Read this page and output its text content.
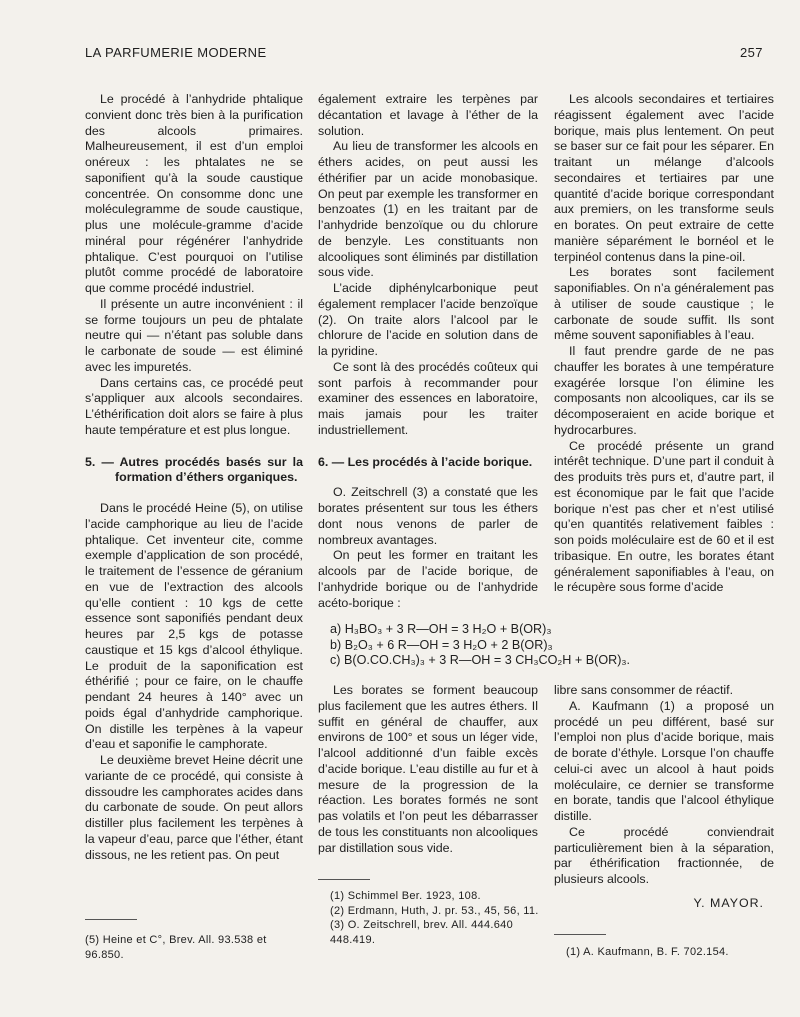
LA PARFUMERIE MODERNE	257

Le procédé à l’anhydride phtalique convient donc très bien à la purification des alcools primaires. Malheureusement, il est d’un emploi onéreux : les phtalates ne se saponifient qu’à la soude caustique concentrée. On consomme donc une moléculegramme de soude caustique, plus une molécule-gramme d’acide minéral pour régénérer l’anhydride phtalique. C’est pourquoi on l’utilise plutôt comme procédé de laboratoire que comme procédé industriel.

Il présente un autre inconvénient : il se forme toujours un peu de phtalate neutre qui — n’étant pas soluble dans le carbonate de soude — est éliminé avec les impuretés.

Dans certains cas, ce procédé peut s’appliquer aux alcools secondaires. L’éthérification doit alors se faire à plus haute température et est plus longue.

5. — Autres procédés basés sur la formation d’éthers organiques.

Dans le procédé Heine (5), on utilise l’acide camphorique au lieu de l’acide phtalique. Cet inventeur cite, comme exemple d’application de son procédé, le traitement de l’essence de géranium en vue de l’extraction des alcools qu’elle contient : 10 kgs de cette essence sont saponifiés pendant deux heures par 2,5 kgs de potasse caustique et 15 kgs d’alcool éthylique. Le produit de la saponification est éthérifié ; pour ce faire, on le chauffe pendant 24 heures à 140° avec un poids égal d’anhydride camphorique. On distille les terpènes à la vapeur d’eau et saponifie le camphorate.

Le deuxième brevet Heine décrit une variante de ce procédé, qui consiste à dissoudre les camphorates acides dans du carbonate de soude. On peut allors distiller plus facilement les terpènes à la vapeur d’eau, parce que l’éther, étant dissous, ne les retient pas. On peut

(5) Heine et C°, Brev. All. 93.538 et 96.850.

également extraire les terpènes par décantation et lavage à l’éther de la solution.

Au lieu de transformer les alcools en éthers acides, on peut aussi les éthérifier par un acide monobasique. On peut par exemple les transformer en benzoates (1) en les traitant par de l’anhydride benzoïque ou du chlorure de benzyle. Les constituants non alcooliques sont éliminés par distillation sous vide.

L’acide diphénylcarbonique peut également remplacer l’acide benzoïque (2). On traite alors l’alcool par le chlorure de l’acide en solution dans de la pyridine.

Ce sont là des procédés coûteux qui sont parfois à recommander pour examiner des essences en laboratoire, mais jamais pour les traiter industriellement.

6. — Les procédés à l’acide borique.

O. Zeitschrell (3) a constaté que les borates présentent sur tous les éthers dont nous venons de parler de nombreux avantages.

On peut les former en traitant les alcools par de l’acide borique, de l’anhydride borique ou de l’anhydride acéto-borique :

Les alcools secondaires et tertiaires réagissent également avec l’acide borique, mais plus lentement. On peut se baser sur ce fait pour les séparer. En traitant un mélange d’alcools secondaires et tertiaires par une quantité d’acide borique correspondant aux premiers, on les transforme seuls en borates. On peut extraire de cette manière séparément le bornéol et le terpinéol contenus dans la pine-oil.

Les borates sont facilement saponifiables. On n’a généralement pas à utiliser de soude caustique ; le carbonate de soude suffit. Ils sont même souvent saponifiables à l’eau.

Il faut prendre garde de ne pas chauffer les borates à une température exagérée lorsque l’on élimine les composants non alcooliques, car ils se décomposeraient en acide borique et hydrocarbures.

Ce procédé présente un grand intérêt technique. D’une part il conduit à des produits très purs et, d’autre part, il est économique par le fait que l’acide borique n’est pas cher et n’est utilisé qu’en quantités relativement faibles : son poids moléculaire est de 60 et il est tribasique. En outre, les borates étant généralement saponifiables à l’eau, on le récupère sous forme d’acide

a) H₃BO₃ + 3 R—OH = 3 H₂O + B(OR)₃
b) B₂O₃ + 6 R—OH = 3 H₂O + 2 B(OR)₃
c) B(O.CO.CH₃)₃ + 3 R—OH = 3 CH₃CO₂H + B(OR)₃.

Les borates se forment beaucoup plus facilement que les autres éthers. Il suffit en général de chauffer, aux environs de 100° et sous un léger vide, l’alcool additionné d’un faible excès d’acide borique. L’eau distille au fur et à mesure de la progression de la réaction. Les borates formés ne sont pas volatils et l’on peut les débarrasser de tous les constituants non alcooliques par distillation sous vide.

(1) Schimmel Ber. 1923, 108.
(2) Erdmann, Huth, J. pr. 53., 45, 56, 11.
(3) O. Zeitschrell, brev. All. 444.640 448.419.

libre sans consommer de réactif.

A. Kaufmann (1) a proposé un procédé un peu différent, basé sur l’emploi non plus d’acide borique, mais de borate d’éthyle. Lorsque l’on chauffe celui-ci avec un alcool à haut poids moléculaire, ce dernier se transforme en borate, tandis que l’alcool éthylique distille.

Ce procédé conviendrait particulièrement bien à la séparation, par éthérification fractionnée, de plusieurs alcools.

Y. MAYOR.
(1) A. Kaufmann, B. F. 702.154.
